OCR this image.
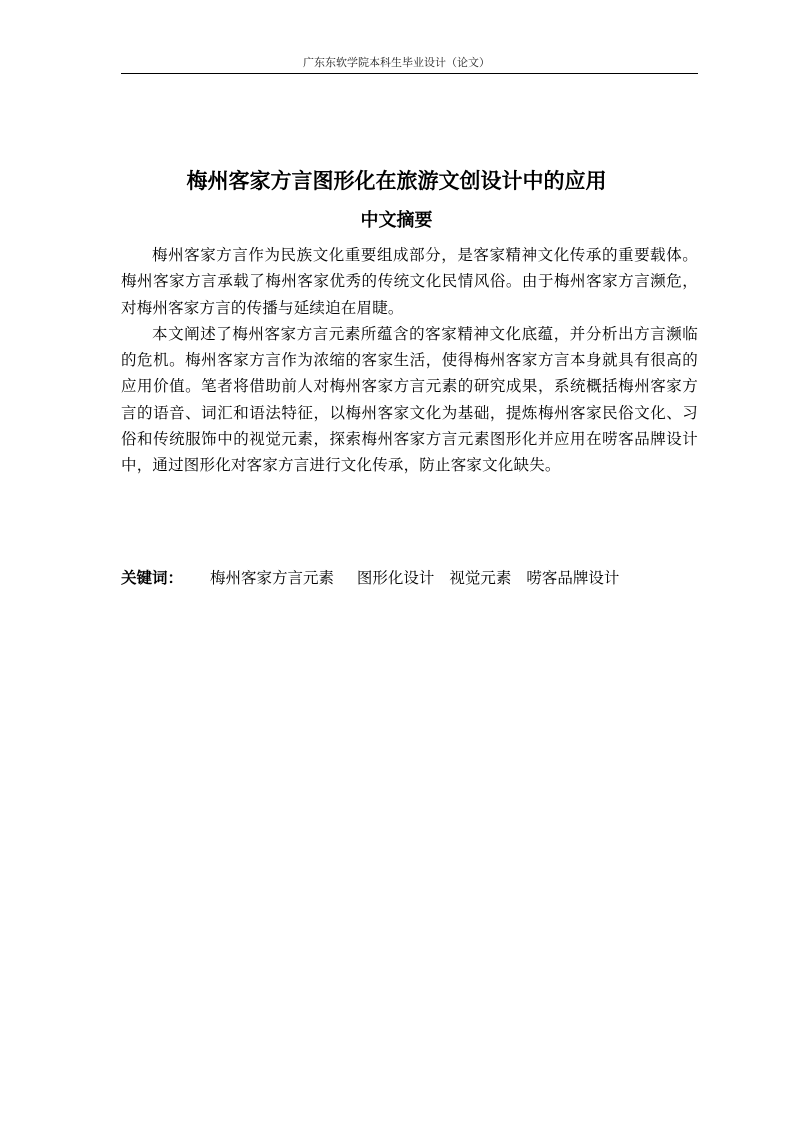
广东东软学院本科生毕业设计（论文）
梅州客家方言图形化在旅游文创设计中的应用
中文摘要

梅州客家方言作为民族文化重要组成部分，是客家精神文化传承的重要载体。梅州客家方言承载了梅州客家优秀的传统文化民情风俗。由于梅州客家方言濒危，对梅州客家方言的传播与延续迫在眉睫。

本文阐述了梅州客家方言元素所蕴含的客家精神文化底蕴，并分析出方言濒临的危机。梅州客家方言作为浓缩的客家生活，使得梅州客家方言本身就具有很高的应用价值。笔者将借助前人对梅州客家方言元素的研究成果，系统概括梅州客家方言的语音、词汇和语法特征，以梅州客家文化为基础，提炼梅州客家民俗文化、习俗和传统服饰中的视觉元素，探索梅州客家方言元素图形化并应用在唠客品牌设计中，通过图形化对客家方言进行文化传承，防止客家文化缺失。

关键词： 梅州客家方言元素 图形化设计 视觉元素 唠客品牌设计
